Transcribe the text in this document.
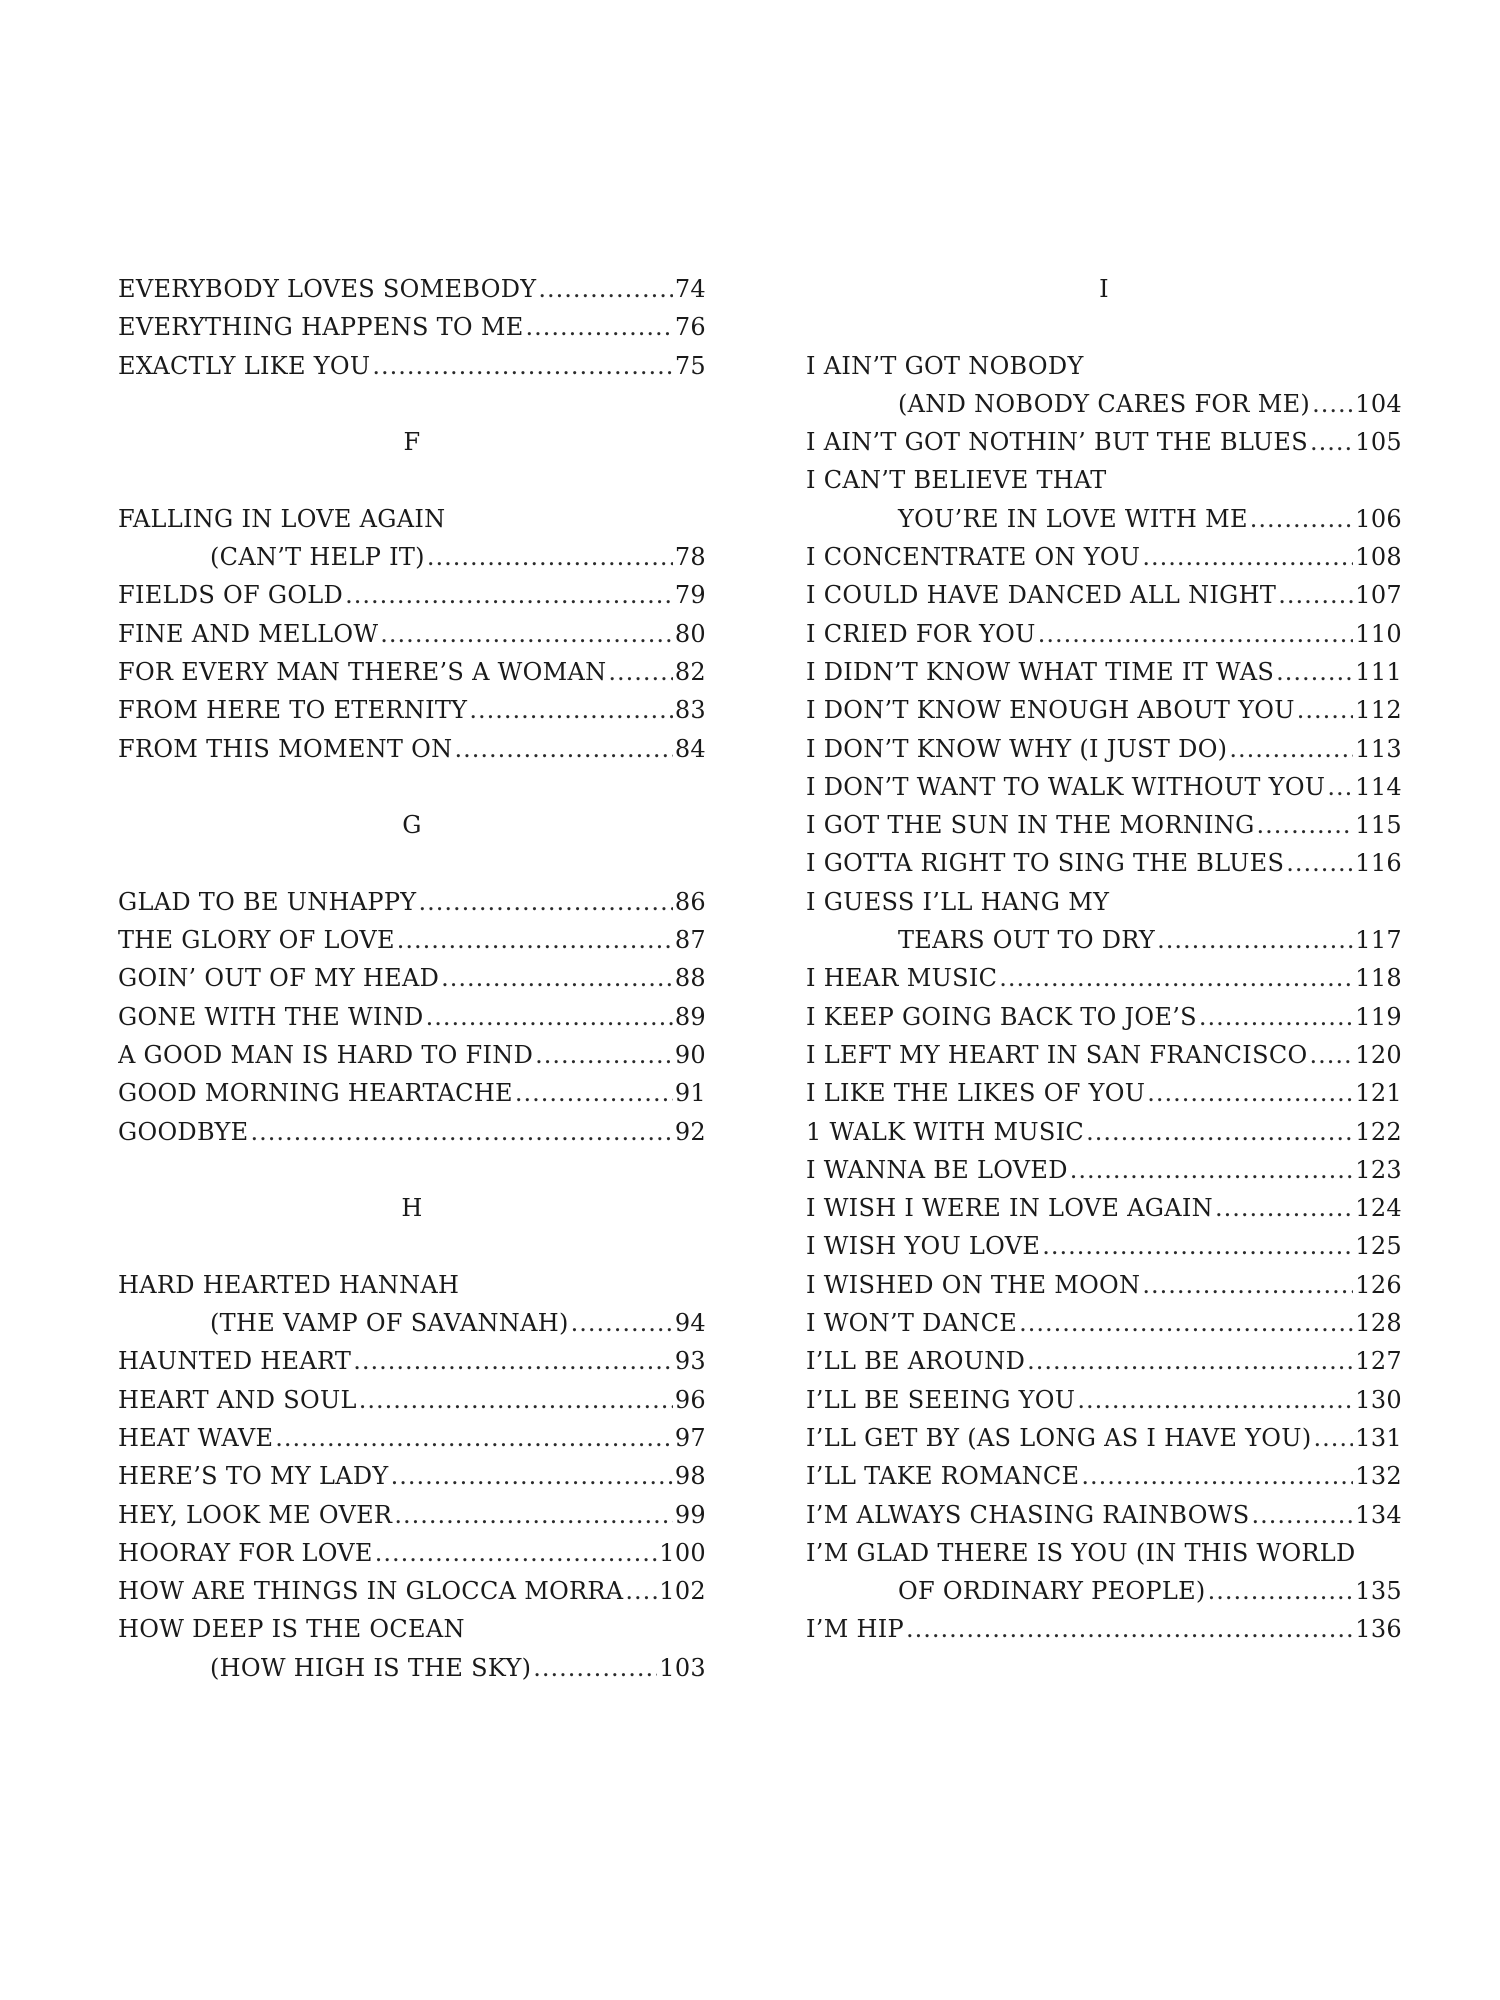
EVERYBODY LOVES SOMEBODY .....	74
EVERYTHING HAPPENS TO ME .....	76
EXACTLY LIKE YOU .....	75
F
FALLING IN LOVE AGAIN
(CAN’T HELP IT) .....	78
FIELDS OF GOLD .....	79
FINE AND MELLOW .....	80
FOR EVERY MAN THERE’S A WOMAN .....	82
FROM HERE TO ETERNITY .....	83
FROM THIS MOMENT ON .....	84
G
GLAD TO BE UNHAPPY .....	86
THE GLORY OF LOVE .....	87
GOIN’ OUT OF MY HEAD .....	88
GONE WITH THE WIND .....	89
A GOOD MAN IS HARD TO FIND .....	90
GOOD MORNING HEARTACHE .....	91
GOODBYE .....	92
H
HARD HEARTED HANNAH
(THE VAMP OF SAVANNAH) .....	94
HAUNTED HEART .....	93
HEART AND SOUL .....	96
HEAT WAVE .....	97
HERE’S TO MY LADY .....	98
HEY, LOOK ME OVER .....	99
HOORAY FOR LOVE .....	100
HOW ARE THINGS IN GLOCCA MORRA ..... 102
HOW DEEP IS THE OCEAN
(HOW HIGH IS THE SKY) .....	103
I
I AIN’T GOT NOBODY
(AND NOBODY CARES FOR ME) ..... 104
I AIN’T GOT NOTHIN’ BUT THE BLUES ..... 105
I CAN’T BELIEVE THAT
YOU’RE IN LOVE WITH ME .....	106
I CONCENTRATE ON YOU .....	108
I COULD HAVE DANCED ALL NIGHT .....	107
I CRIED FOR YOU .....	110
I DIDN’T KNOW WHAT TIME IT WAS .....	111
I DON’T KNOW ENOUGH ABOUT YOU .....	112
I DON’T KNOW WHY (I JUST DO) .....	113
I DON’T WANT TO WALK WITHOUT YOU ..... 114
I GOT THE SUN IN THE MORNING .....	115
I GOTTA RIGHT TO SING THE BLUES .....	116
I GUESS I’LL HANG MY
TEARS OUT TO DRY .....	117
I HEAR MUSIC .....	118
I KEEP GOING BACK TO JOE’S .....	119
I LEFT MY HEART IN SAN FRANCISCO ..... 120
I LIKE THE LIKES OF YOU .....	121
1 WALK WITH MUSIC .....	122
I WANNA BE LOVED .....	123
I WISH I WERE IN LOVE AGAIN .....	124
I WISH YOU LOVE .....	125
I WISHED ON THE MOON .....	126
I WON’T DANCE .....	128
I’LL BE AROUND .....	127
I’LL BE SEEING YOU .....	130
I’LL GET BY (AS LONG AS I HAVE YOU) ..... 131
I’LL TAKE ROMANCE .....	132
I’M ALWAYS CHASING RAINBOWS .....	134
I’M GLAD THERE IS YOU (IN THIS WORLD
OF ORDINARY PEOPLE) .....	135
I’M HIP .....	136
